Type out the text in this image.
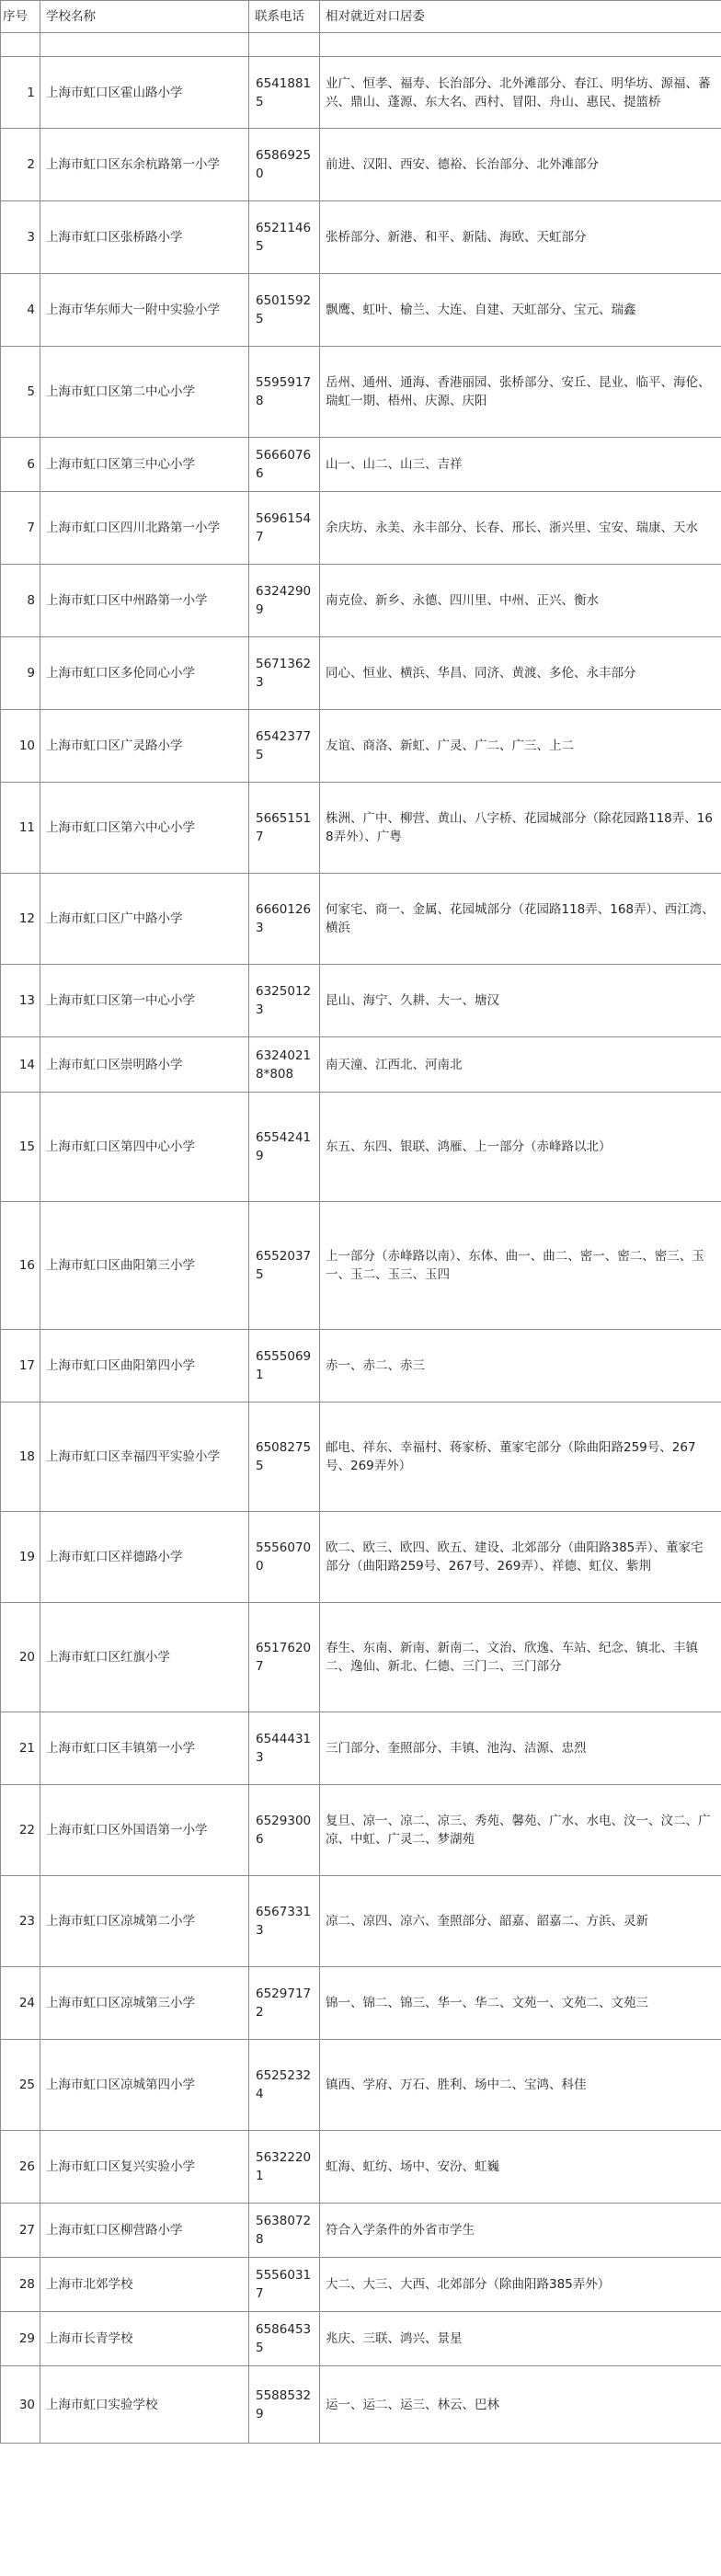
序号	学校名称	联系电话	相对就近对口居委

1	上海市虹口区霍山路小学	65418815	业广、恒孝、福寿、长治部分、北外滩部分、春江、明华坊、源福、蕃兴、鼎山、蓬源、东大名、西村、冒阳、舟山、惠民、提篮桥
2	上海市虹口区东余杭路第一小学	65869250	前进、汉阳、西安、德裕、长治部分、北外滩部分
3	上海市虹口区张桥路小学	65211465	张桥部分、新港、和平、新陆、海欧、天虹部分
4	上海市华东师大一附中实验小学	65015925	飘鹰、虹叶、榆兰、大连、自建、天虹部分、宝元、瑞鑫
5	上海市虹口区第二中心小学	55959178	岳州、通州、通海、香港丽园、张桥部分、安丘、昆业、临平、海伦、瑞虹一期、梧州、庆源、庆阳
6	上海市虹口区第三中心小学	56660766	山一、山二、山三、吉祥
7	上海市虹口区四川北路第一小学	56961547	余庆坊、永美、永丰部分、长春、邢长、浙兴里、宝安、瑞康、天水
8	上海市虹口区中州路第一小学	63242909	南克俭、新乡、永德、四川里、中州、正兴、衡水
9	上海市虹口区多伦同心小学	56713623	同心、恒业、横浜、华昌、同济、黄渡、多伦、永丰部分
10	上海市虹口区广灵路小学	65423775	友谊、商洛、新虹、广灵、广二、广三、上二
11	上海市虹口区第六中心小学	56651517	株洲、广中、柳营、黄山、八字桥、花园城部分（除花园路118弄、168弄外）、广粤
12	上海市虹口区广中路小学	66601263	何家宅、商一、金属、花园城部分（花园路118弄、168弄）、西江湾、横浜
13	上海市虹口区第一中心小学	63250123	昆山、海宁、久耕、大一、塘汉
14	上海市虹口区崇明路小学	63240218*808	南天潼、江西北、河南北
15	上海市虹口区第四中心小学	65542419	东五、东四、银联、鸿雁、上一部分（赤峰路以北）
16	上海市虹口区曲阳第三小学	65520375	上一部分（赤峰路以南）、东体、曲一、曲二、密一、密二、密三、玉一、玉二、玉三、玉四
17	上海市虹口区曲阳第四小学	65550691	赤一、赤二、赤三
18	上海市虹口区幸福四平实验小学	65082755	邮电、祥东、幸福村、蒋家桥、董家宅部分（除曲阳路259号、267号、269弄外）
19	上海市虹口区祥德路小学	55560700	欧二、欧三、欧四、欧五、建设、北郊部分（曲阳路385弄）、董家宅部分（曲阳路259号、267号、269弄）、祥德、虹仪、紫荆
20	上海市虹口区红旗小学	65176207	春生、东南、新南、新南二、文治、欣逸、车站、纪念、镇北、丰镇二、逸仙、新北、仁德、三门二、三门部分
21	上海市虹口区丰镇第一小学	65444313	三门部分、奎照部分、丰镇、池沟、洁源、忠烈
22	上海市虹口区外国语第一小学	65293006	复旦、凉一、凉二、凉三、秀苑、馨苑、广水、水电、汶一、汶二、广凉、中虹、广灵二、梦湖苑
23	上海市虹口区凉城第二小学	65673313	凉二、凉四、凉六、奎照部分、韶嘉、韶嘉二、方浜、灵新
24	上海市虹口区凉城第三小学	65297172	锦一、锦二、锦三、华一、华二、文苑一、文苑二、文苑三
25	上海市虹口区凉城第四小学	65252324	镇西、学府、万石、胜利、场中二、宝鸿、科佳
26	上海市虹口区复兴实验小学	56322201	虹海、虹纺、场中、安汾、虹巍
27	上海市虹口区柳营路小学	56380728	符合入学条件的外省市学生
28	上海市北郊学校	55560317	大二、大三、大西、北郊部分（除曲阳路385弄外）
29	上海市长青学校	65864535	兆庆、三联、鸿兴、景星
30	上海市虹口实验学校	55885329	运一、运二、运三、林云、巴林
